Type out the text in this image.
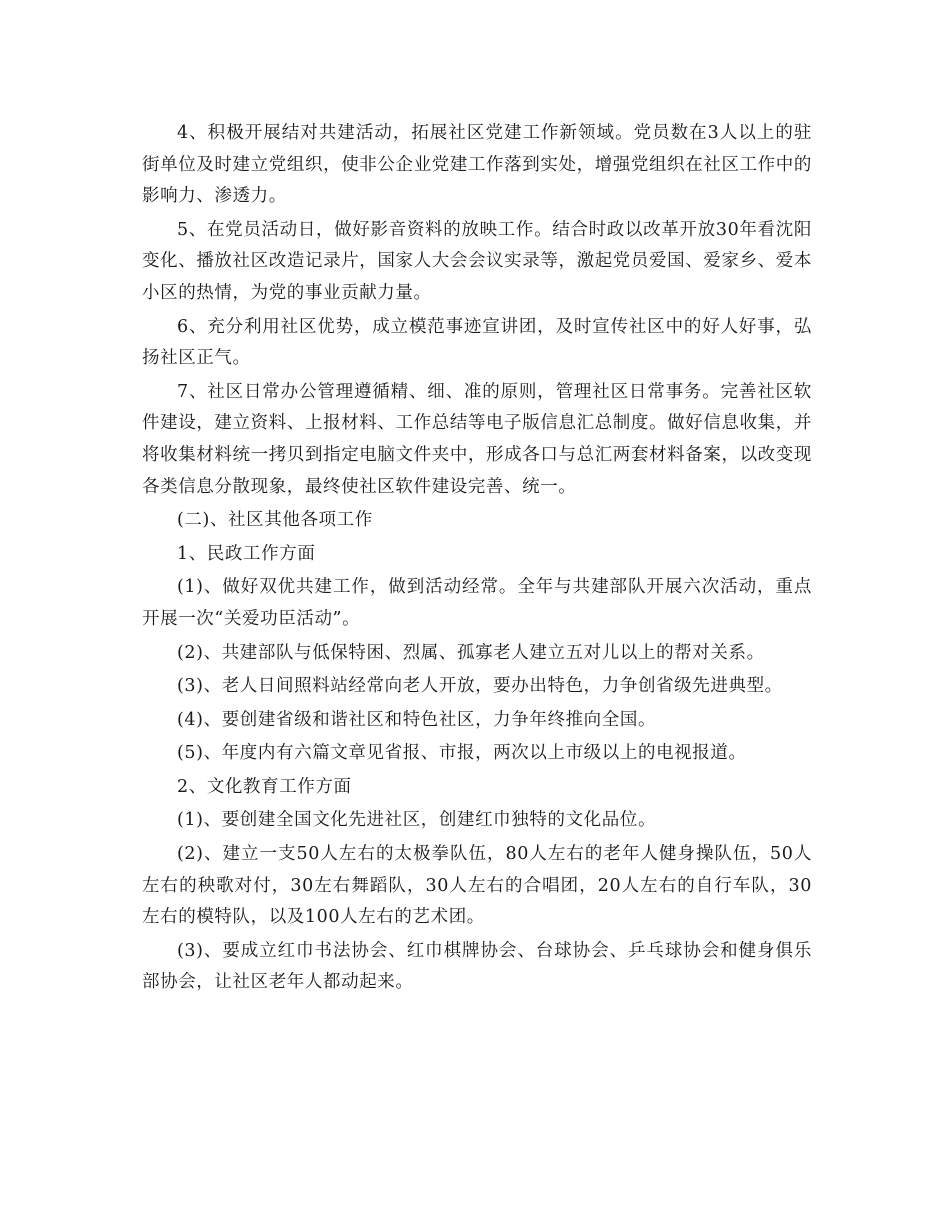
4、积极开展结对共建活动，拓展社区党建工作新领域。党员数在3人以上的驻街单位及时建立党组织，使非公企业党建工作落到实处，增强党组织在社区工作中的影响力、渗透力。

5、在党员活动日，做好影音资料的放映工作。结合时政以改革开放30年看沈阳变化、播放社区改造记录片，国家人大会会议实录等，激起党员爱国、爱家乡、爱本小区的热情，为党的事业贡献力量。

6、充分利用社区优势，成立模范事迹宣讲团，及时宣传社区中的好人好事，弘扬社区正气。

7、社区日常办公管理遵循精、细、准的原则，管理社区日常事务。完善社区软件建设，建立资料、上报材料、工作总结等电子版信息汇总制度。做好信息收集，并将收集材料统一拷贝到指定电脑文件夹中，形成各口与总汇两套材料备案，以改变现各类信息分散现象，最终使社区软件建设完善、统一。

(二)、社区其他各项工作

1、民政工作方面

(1)、做好双优共建工作，做到活动经常。全年与共建部队开展六次活动，重点开展一次“关爱功臣活动”。

(2)、共建部队与低保特困、烈属、孤寡老人建立五对儿以上的帮对关系。

(3)、老人日间照料站经常向老人开放，要办出特色，力争创省级先进典型。

(4)、要创建省级和谐社区和特色社区，力争年终推向全国。

(5)、年度内有六篇文章见省报、市报，两次以上市级以上的电视报道。

2、文化教育工作方面

(1)、要创建全国文化先进社区，创建红巾独特的文化品位。

(2)、建立一支50人左右的太极拳队伍，80人左右的老年人健身操队伍，50人左右的秧歌对付，30左右舞蹈队，30人左右的合唱团，20人左右的自行车队，30左右的模特队，以及100人左右的艺术团。

(3)、要成立红巾书法协会、红巾棋牌协会、台球协会、乒乓球协会和健身俱乐部协会，让社区老年人都动起来。
